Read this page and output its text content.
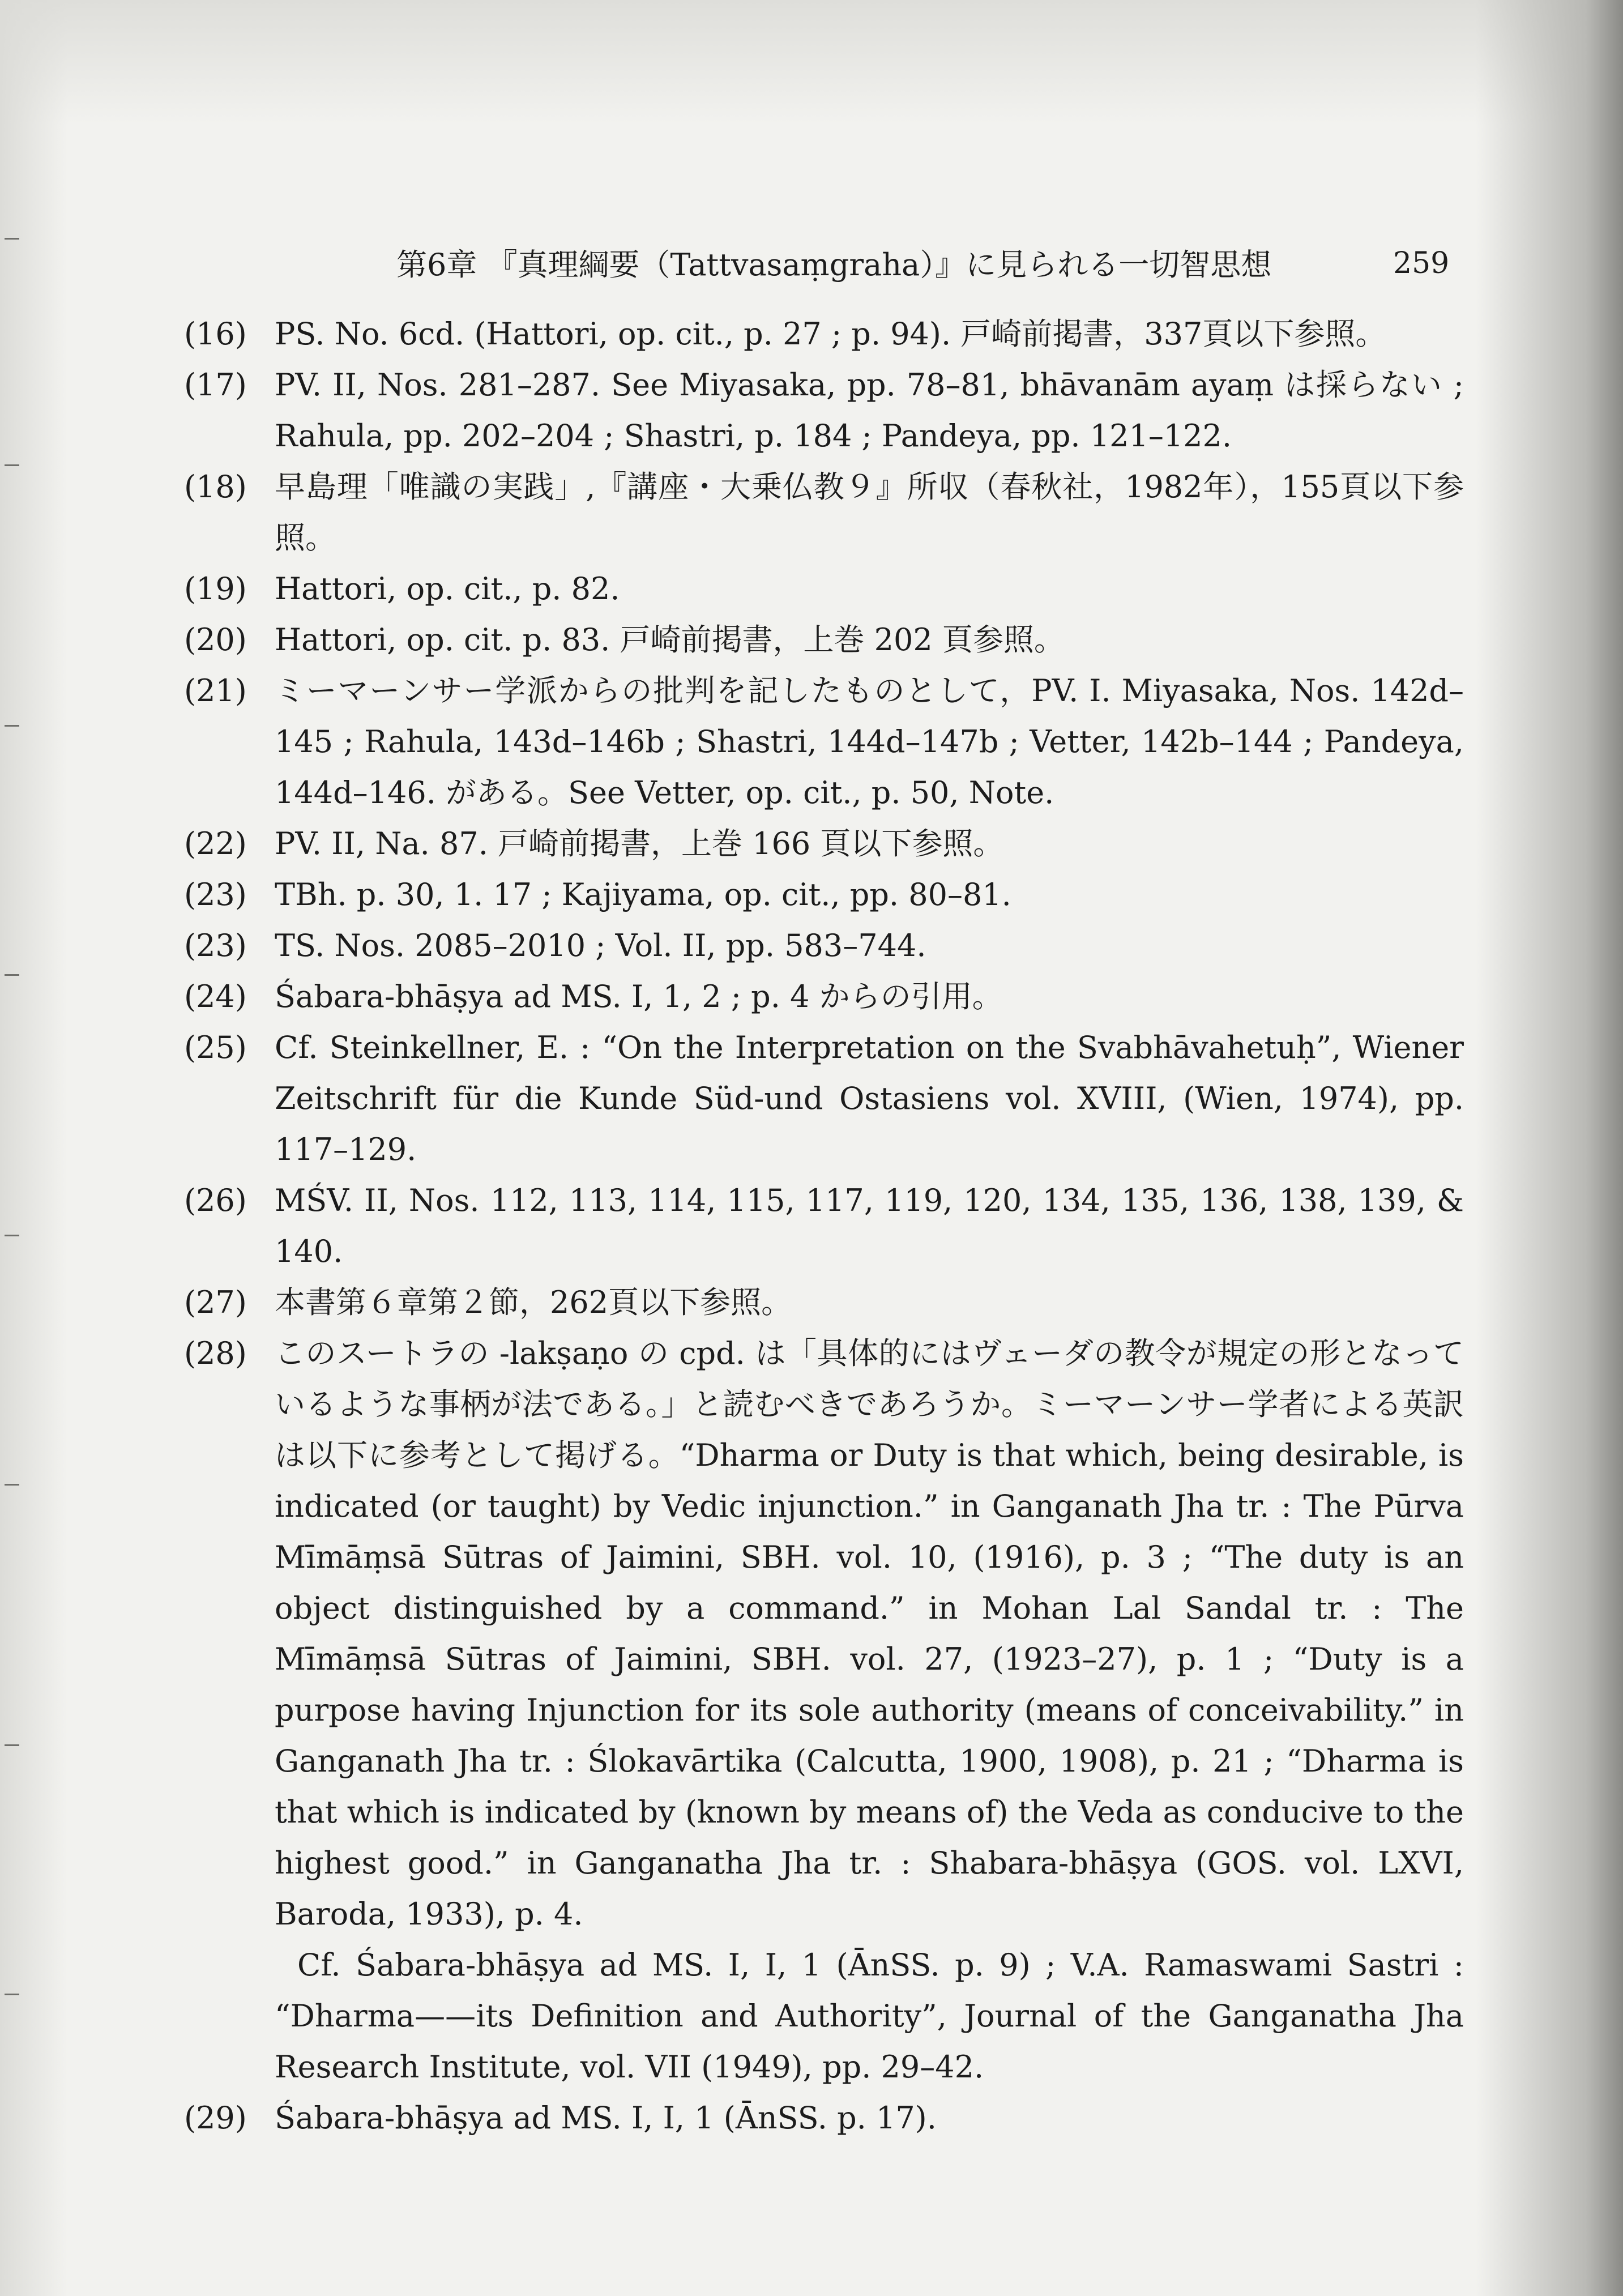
第6章 『真理綱要（Tattvasaṃgraha）』に見られる一切智思想	259
(16) PS. No. 6cd. (Hattori, op. cit., p. 27 ; p. 94). 戸崎前掲書，337頁以下参照。
(17) PV. II, Nos. 281–287. See Miyasaka, pp. 78–81, bhāvanām ayaṃ は採らない ; Rahula, pp. 202–204 ; Shastri, p. 184 ; Pandeya, pp. 121–122.
(18) 早島理「唯識の実践」,『講座・大乗仏教９』所収（春秋社，1982年），155頁以下参照。
(19) Hattori, op. cit., p. 82.
(20) Hattori, op. cit. p. 83. 戸崎前掲書，上巻 202 頁参照。
(21) ミーマーンサー学派からの批判を記したものとして，PV. I. Miyasaka, Nos. 142d–145 ; Rahula, 143d–146b ; Shastri, 144d–147b ; Vetter, 142b–144 ; Pandeya, 144d–146. がある。See Vetter, op. cit., p. 50, Note.
(22) PV. II, Na. 87. 戸崎前掲書，上巻 166 頁以下参照。
(23) TBh. p. 30, 1. 17 ; Kajiyama, op. cit., pp. 80–81.
(23) TS. Nos. 2085–2010 ; Vol. II, pp. 583–744.
(24) Śabara-bhāṣya ad MS. I, 1, 2 ; p. 4 からの引用。
(25) Cf. Steinkellner, E. : “On the Interpretation on the Svabhāvahetuḥ”, Wiener Zeitschrift für die Kunde Süd-und Ostasiens vol. XVIII, (Wien, 1974), pp. 117–129.
(26) MŚV. II, Nos. 112, 113, 114, 115, 117, 119, 120, 134, 135, 136, 138, 139, & 140.
(27) 本書第６章第２節，262頁以下参照。
(28) このスートラの -lakṣaṇo の cpd. は「具体的にはヴェーダの教令が規定の形となっているような事柄が法である。」と読むべきであろうか。ミーマーンサー学者による英訳は以下に参考として掲げる。“Dharma or Duty is that which, being desirable, is indicated (or taught) by Vedic injunction.” in Ganganath Jha tr. : The Pūrva Mīmāṃsā Sūtras of Jaimini, SBH. vol. 10, (1916), p. 3 ; “The duty is an object distinguished by a command.” in Mohan Lal Sandal tr. : The Mīmāṃsā Sūtras of Jaimini, SBH. vol. 27, (1923–27), p. 1 ; “Duty is a purpose having Injunction for its sole authority (means of conceivability.” in Ganganath Jha tr. : Ślokavārtika (Calcutta, 1900, 1908), p. 21 ; “Dharma is that which is indicated by (known by means of) the Veda as conducive to the highest good.” in Ganganatha Jha tr. : Shabara-bhāṣya (GOS. vol. LXVI, Baroda, 1933), p. 4.
Cf. Śabara-bhāṣya ad MS. I, I, 1 (ĀnSS. p. 9) ; V.A. Ramaswami Sastri : “Dharma——its Definition and Authority”, Journal of the Ganganatha Jha Research Institute, vol. VII (1949), pp. 29–42.
(29) Śabara-bhāṣya ad MS. I, I, 1 (ĀnSS. p. 17).
